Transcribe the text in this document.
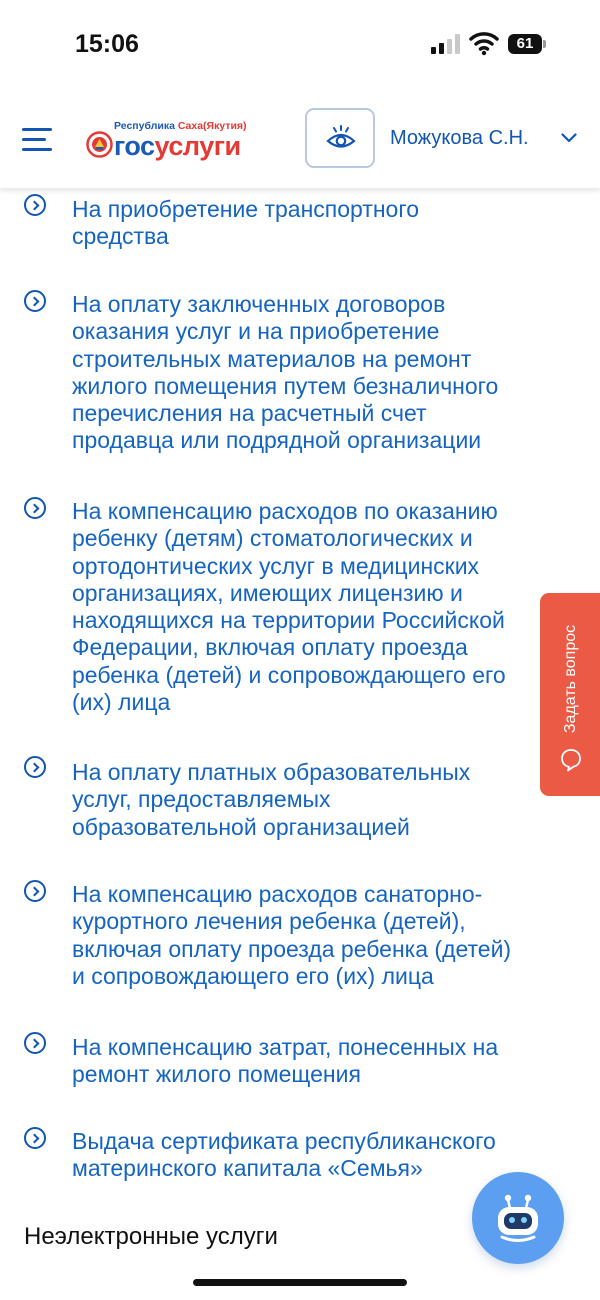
15:06	61
Республика Саха(Якутия)
госуслуги	Можукова С.Н.
На приобретение транспортного
средства
На оплату заключенных договоров
оказания услуг и на приобретение
строительных материалов на ремонт
жилого помещения путем безналичного
перечисления на расчетный счет
продавца или подрядной организации
На компенсацию расходов по оказанию
ребенку (детям) стоматологических и
ортодонтических услуг в медицинских
организациях, имеющих лицензию и
находящихся на территории Российской
Федерации, включая оплату проезда
ребенка (детей) и сопровождающего его
(их) лица
На оплату платных образовательных
услуг, предоставляемых
образовательной организацией
На компенсацию расходов санаторно-
курортного лечения ребенка (детей),
включая оплату проезда ребенка (детей)
и сопровождающего его (их) лица
На компенсацию затрат, понесенных на
ремонт жилого помещения
Выдача сертификата республиканского
материнского капитала «Семья»
Неэлектронные услуги
Задать вопрос
